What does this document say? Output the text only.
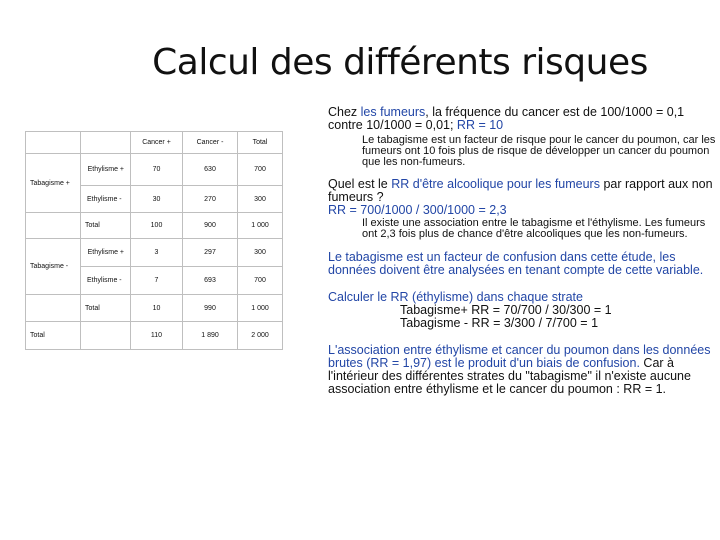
Calcul des différents risques
		Cancer +	Cancer -	Total
Tabagisme +	Ethylisme +	70	630	700
	Ethylisme -	30	270	300
	Total	100	900	1 000
Tabagisme -	Ethylisme +	3	297	300
	Ethylisme -	7	693	700
	Total	10	990	1 000
Total		110	1 890	2 000

Chez les fumeurs, la fréquence du cancer est de 100/1000 = 0,1 contre 10/1000 = 0,01; RR = 10

Le tabagisme est un facteur de risque pour le cancer du poumon, car les fumeurs ont 10 fois plus de risque de développer un cancer du poumon que les non-fumeurs.

Quel est le RR d'être alcoolique pour les fumeurs par rapport aux non fumeurs ?
RR = 700/1000 / 300/1000 = 2,3

Il existe une association entre le tabagisme et l'éthylisme. Les fumeurs ont 2,3 fois plus de chance d'être alcooliques que les non-fumeurs.

Le tabagisme est un facteur de confusion dans cette étude, les données doivent être analysées en tenant compte de cette variable.

Calculer le RR (éthylisme) dans chaque strate

Tabagisme+ RR = 70/700 / 30/300 = 1

Tabagisme - RR = 3/300 / 7/700 = 1

L'association entre éthylisme et cancer du poumon dans les données brutes (RR = 1,97) est le produit d'un biais de confusion. Car à l'intérieur des différentes strates du "tabagisme" il n'existe aucune association entre éthylisme et le cancer du poumon : RR = 1.
